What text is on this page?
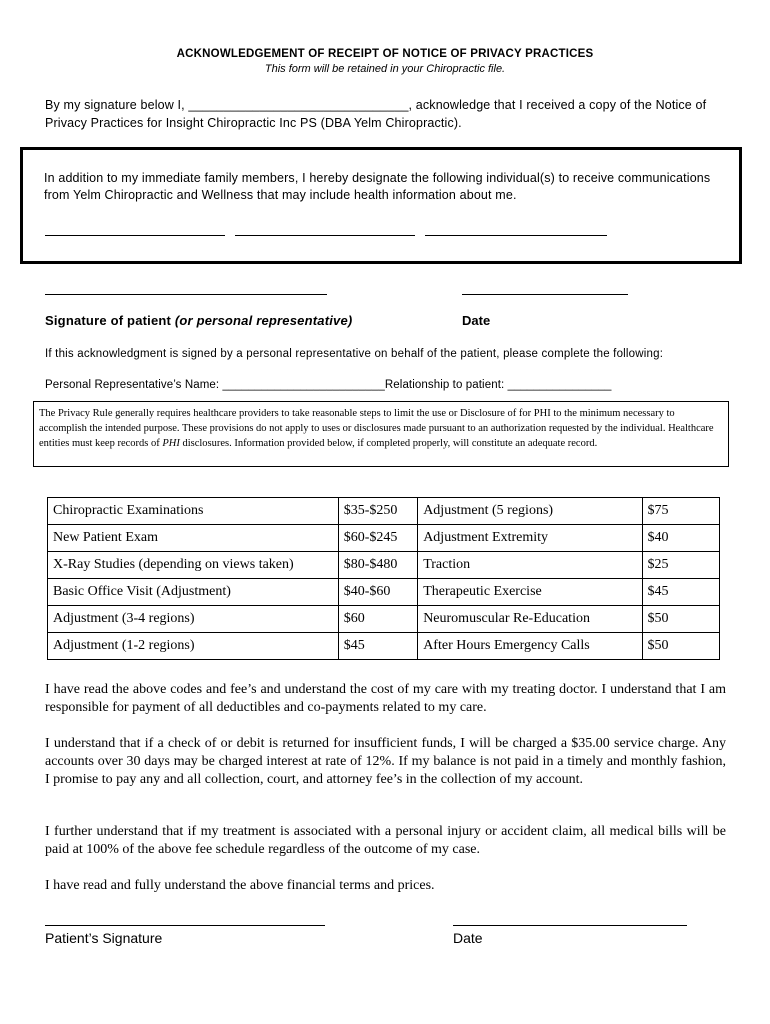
ACKNOWLEDGEMENT OF RECEIPT OF NOTICE OF PRIVACY PRACTICES
This form will be retained in your Chiropractic file.
By my signature below I, _______________________________, acknowledge that I received a copy of the Notice of Privacy Practices for Insight Chiropractic Inc PS (DBA Yelm Chiropractic).
In addition to my immediate family members, I hereby designate the following individual(s) to receive communications from Yelm Chiropractic and Wellness that may include health information about me.
Signature of patient (or personal representative)	Date
If this acknowledgment is signed by a personal representative on behalf of the patient, please complete the following:
Personal Representative’s Name: _________________________Relationship to patient: ________________
The Privacy Rule generally requires healthcare providers to take reasonable steps to limit the use or Disclosure of for PHI to the minimum necessary to accomplish the intended purpose. These provisions do not apply to uses or disclosures made pursuant to an authorization requested by the individual. Healthcare entities must keep records of PHI disclosures. Information provided below, if completed properly, will constitute an adequate record.
Chiropractic Examinations	$35-$250	Adjustment (5 regions)	$75
New Patient Exam	$60-$245	Adjustment Extremity	$40
X-Ray Studies (depending on views taken)	$80-$480	Traction	$25
Basic Office Visit (Adjustment)	$40-$60	Therapeutic Exercise	$45
Adjustment (3-4 regions)	$60	Neuromuscular Re-Education	$50
Adjustment (1-2 regions)	$45	After Hours Emergency Calls	$50
I have read the above codes and fee’s and understand the cost of my care with my treating doctor. I understand that I am responsible for payment of all deductibles and co-payments related to my care.
I understand that if a check of or debit is returned for insufficient funds, I will be charged a $35.00 service charge. Any accounts over 30 days may be charged interest at rate of 12%. If my balance is not paid in a timely and monthly fashion, I promise to pay any and all collection, court, and attorney fee’s in the collection of my account.
I further understand that if my treatment is associated with a personal injury or accident claim, all medical bills will be paid at 100% of the above fee schedule regardless of the outcome of my case.
I have read and fully understand the above financial terms and prices.
Patient’s Signature	Date
